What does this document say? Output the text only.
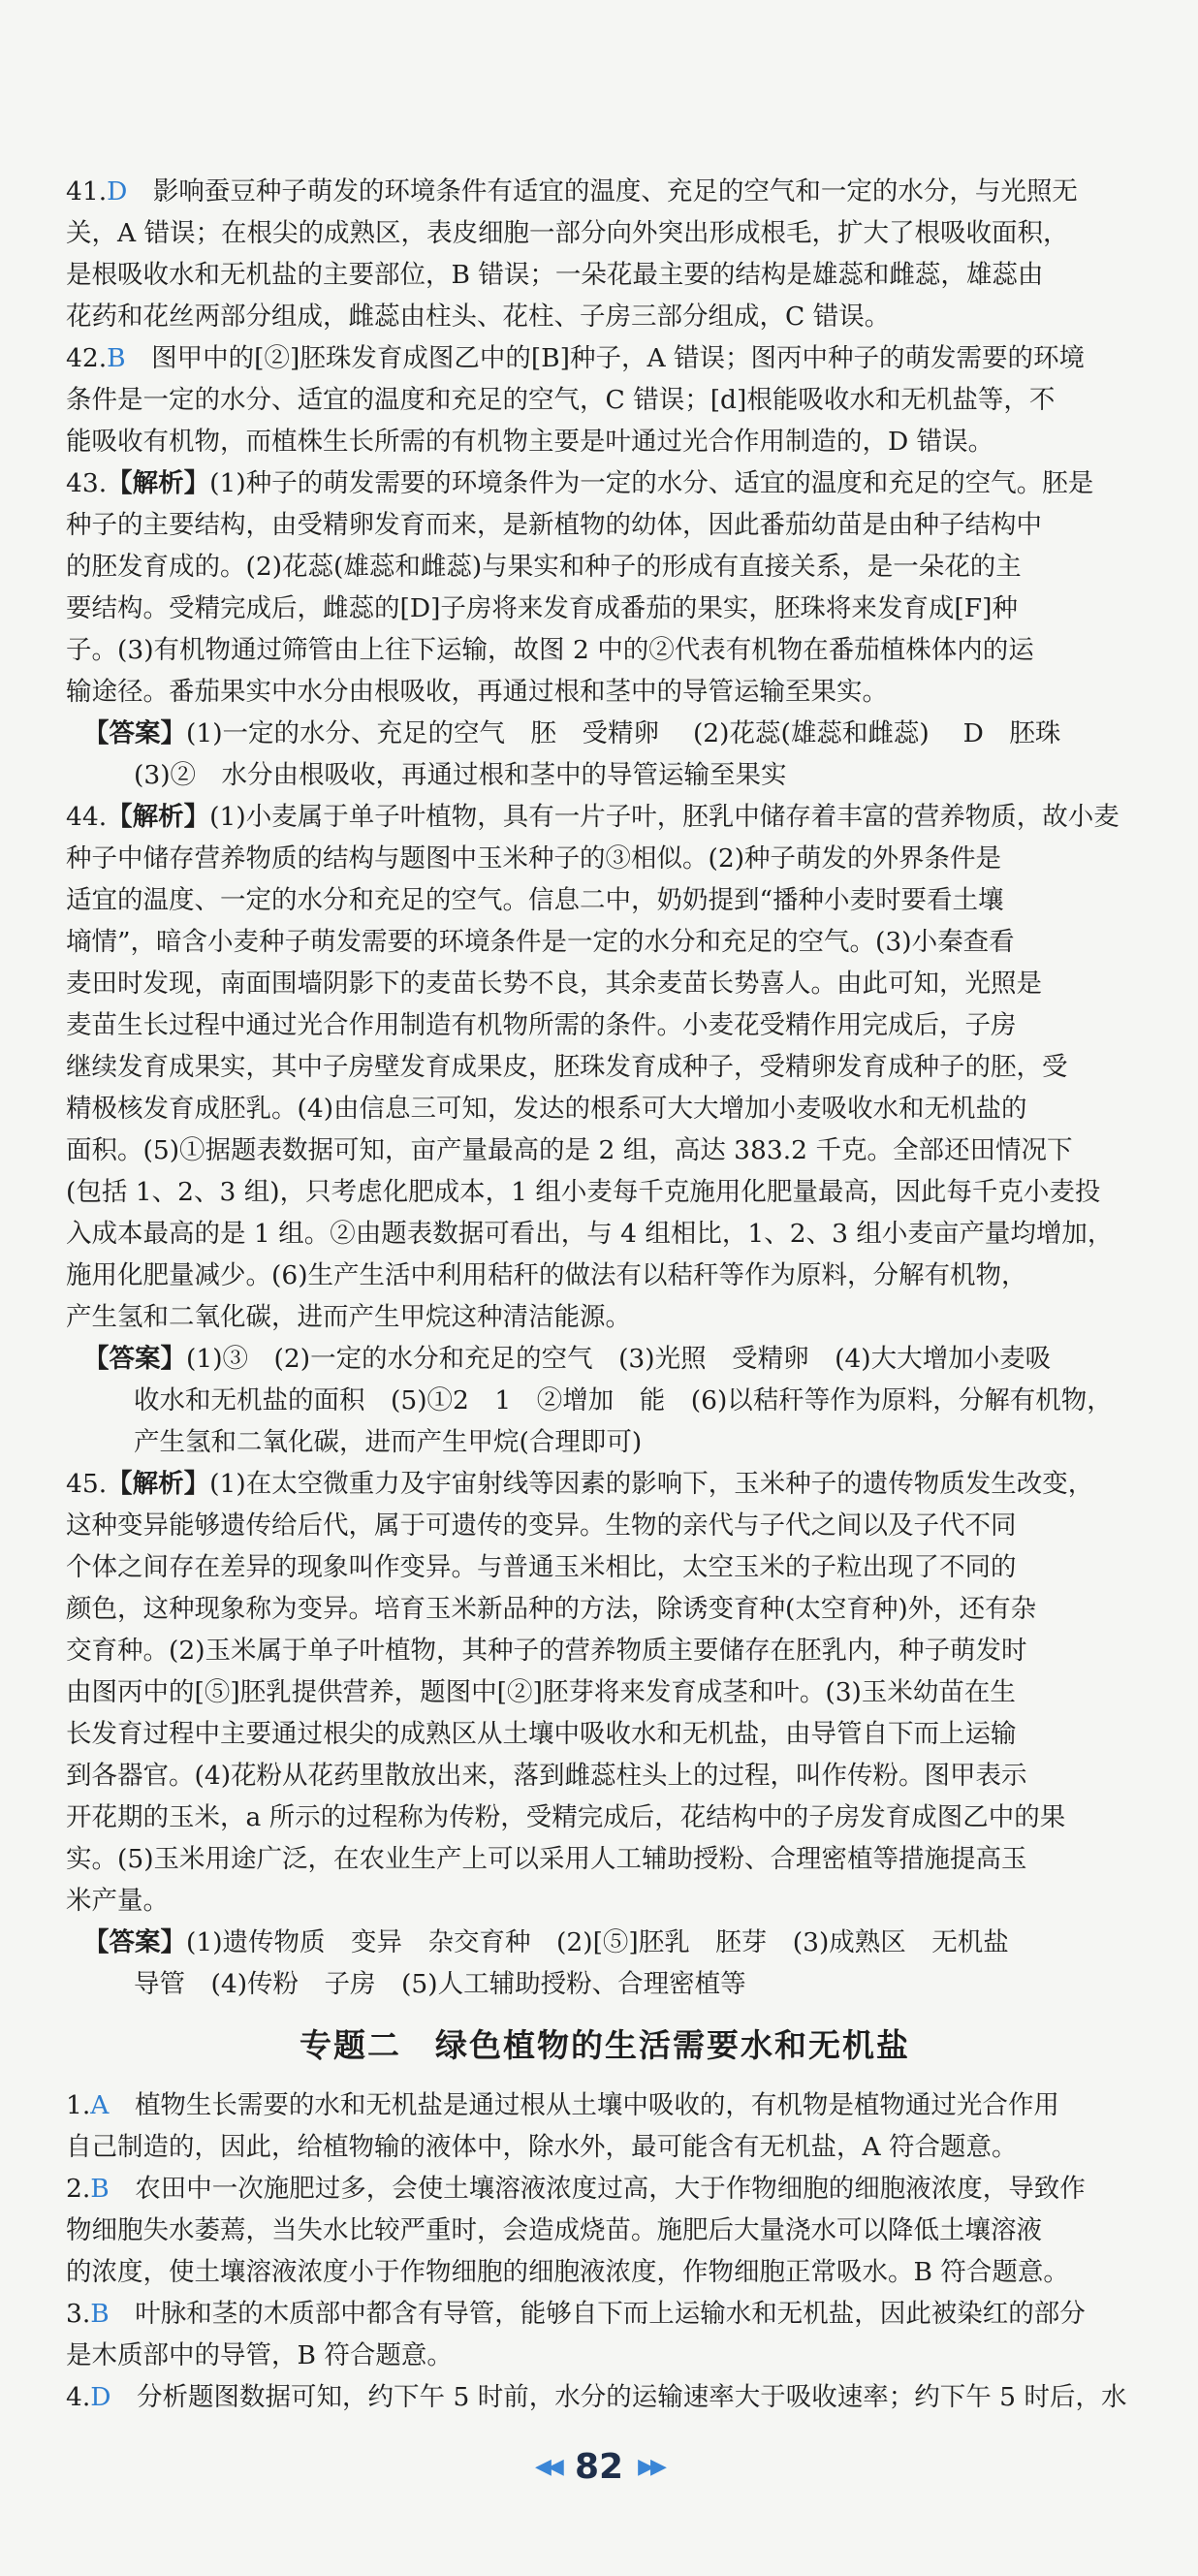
41.D　 影响蚕豆种子萌发的环境条件有适宜的温度、充足的空气和一定的水分，与光照无
关，A 错误；在根尖的成熟区，表皮细胞一部分向外突出形成根毛，扩大了根吸收面积，
是根吸收水和无机盐的主要部位，B 错误；一朵花最主要的结构是雄蕊和雌蕊，雄蕊由
花药和花丝两部分组成，雌蕊由柱头、花柱、子房三部分组成，C 错误。
42.B　 图甲中的[②]胚珠发育成图乙中的[B]种子，A 错误；图丙中种子的萌发需要的环境
条件是一定的水分、适宜的温度和充足的空气，C 错误；[d]根能吸收水和无机盐等，不
能吸收有机物，而植株生长所需的有机物主要是叶通过光合作用制造的，D 错误。
43.【解析】(1)种子的萌发需要的环境条件为一定的水分、适宜的温度和充足的空气。胚是
种子的主要结构，由受精卵发育而来，是新植物的幼体，因此番茄幼苗是由种子结构中
的胚发育成的。(2)花蕊(雄蕊和雌蕊)与果实和种子的形成有直接关系，是一朵花的主
要结构。受精完成后，雌蕊的[D]子房将来发育成番茄的果实，胚珠将来发育成[F]种
子。(3)有机物通过筛管由上往下运输，故图 2 中的②代表有机物在番茄植株体内的运
输途径。番茄果实中水分由根吸收，再通过根和茎中的导管运输至果实。
【答案】(1)一定的水分、充足的空气　胚　受精卵　 (2)花蕊(雄蕊和雌蕊)　 D　胚珠
(3)②　水分由根吸收，再通过根和茎中的导管运输至果实
44.【解析】(1)小麦属于单子叶植物，具有一片子叶，胚乳中储存着丰富的营养物质，故小麦
种子中储存营养物质的结构与题图中玉米种子的③相似。(2)种子萌发的外界条件是
适宜的温度、一定的水分和充足的空气。信息二中，奶奶提到“播种小麦时要看土壤
墒情”，暗含小麦种子萌发需要的环境条件是一定的水分和充足的空气。(3)小秦查看
麦田时发现，南面围墙阴影下的麦苗长势不良，其余麦苗长势喜人。由此可知，光照是
麦苗生长过程中通过光合作用制造有机物所需的条件。小麦花受精作用完成后，子房
继续发育成果实，其中子房壁发育成果皮，胚珠发育成种子，受精卵发育成种子的胚，受
精极核发育成胚乳。(4)由信息三可知，发达的根系可大大增加小麦吸收水和无机盐的
面积。(5)①据题表数据可知，亩产量最高的是 2 组，高达 383.2 千克。全部还田情况下
(包括 1、2、3 组)，只考虑化肥成本，1 组小麦每千克施用化肥量最高，因此每千克小麦投
入成本最高的是 1 组。②由题表数据可看出，与 4 组相比，1、2、3 组小麦亩产量均增加，
施用化肥量减少。(6)生产生活中利用秸秆的做法有以秸秆等作为原料，分解有机物，
产生氢和二氧化碳，进而产生甲烷这种清洁能源。
【答案】(1)③　(2)一定的水分和充足的空气　(3)光照　受精卵　(4)大大增加小麦吸
收水和无机盐的面积　(5)①2　1　②增加　能　(6)以秸秆等作为原料，分解有机物，
产生氢和二氧化碳，进而产生甲烷(合理即可)
45.【解析】(1)在太空微重力及宇宙射线等因素的影响下，玉米种子的遗传物质发生改变，
这种变异能够遗传给后代，属于可遗传的变异。生物的亲代与子代之间以及子代不同
个体之间存在差异的现象叫作变异。与普通玉米相比，太空玉米的子粒出现了不同的
颜色，这种现象称为变异。培育玉米新品种的方法，除诱变育种(太空育种)外，还有杂
交育种。(2)玉米属于单子叶植物，其种子的营养物质主要储存在胚乳内，种子萌发时
由图丙中的[⑤]胚乳提供营养，题图中[②]胚芽将来发育成茎和叶。(3)玉米幼苗在生
长发育过程中主要通过根尖的成熟区从土壤中吸收水和无机盐，由导管自下而上运输
到各器官。(4)花粉从花药里散放出来，落到雌蕊柱头上的过程，叫作传粉。图甲表示
开花期的玉米，a 所示的过程称为传粉，受精完成后，花结构中的子房发育成图乙中的果
实。(5)玉米用途广泛，在农业生产上可以采用人工辅助授粉、合理密植等措施提高玉
米产量。
【答案】(1)遗传物质　变异　杂交育种　(2)[⑤]胚乳　胚芽　(3)成熟区　无机盐
导管　(4)传粉　子房　(5)人工辅助授粉、合理密植等
专题二　绿色植物的生活需要水和无机盐
1.A　 植物生长需要的水和无机盐是通过根从土壤中吸收的，有机物是植物通过光合作用
自己制造的，因此，给植物输的液体中，除水外，最可能含有无机盐，A 符合题意。
2.B　 农田中一次施肥过多，会使土壤溶液浓度过高，大于作物细胞的细胞液浓度，导致作
物细胞失水萎蔫，当失水比较严重时，会造成烧苗。施肥后大量浇水可以降低土壤溶液
的浓度，使土壤溶液浓度小于作物细胞的细胞液浓度，作物细胞正常吸水。B 符合题意。
3.B　 叶脉和茎的木质部中都含有导管，能够自下而上运输水和无机盐，因此被染红的部分
是木质部中的导管，B 符合题意。
4.D　 分析题图数据可知，约下午 5 时前，水分的运输速率大于吸收速率；约下午 5 时后，水
◀◀ 82 ▶▶
